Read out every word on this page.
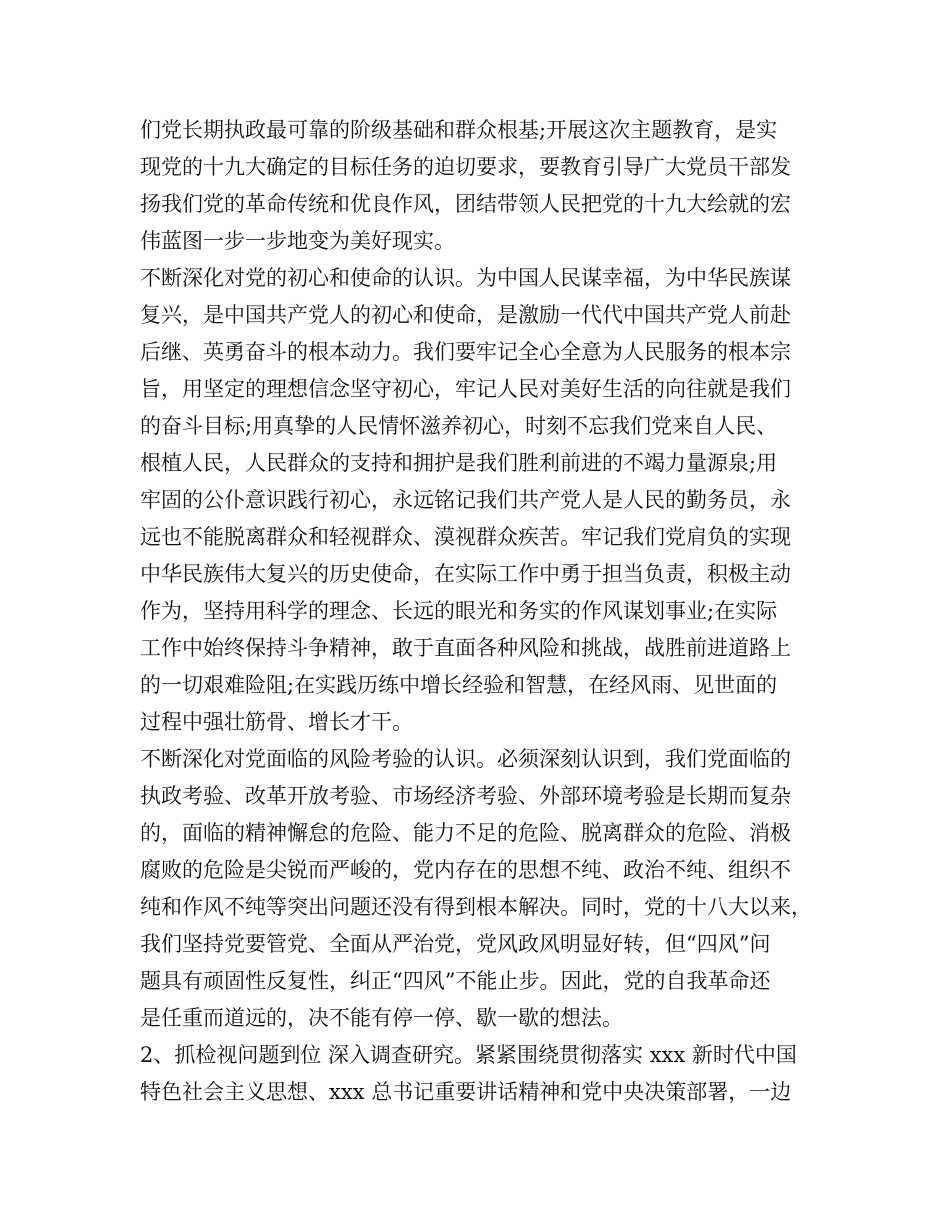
们党长期执政最可靠的阶级基础和群众根基;开展这次主题教育，是实
现党的十九大确定的目标任务的迫切要求，要教育引导广大党员干部发
扬我们党的革命传统和优良作风，团结带领人民把党的十九大绘就的宏
伟蓝图一步一步地变为美好现实。
不断深化对党的初心和使命的认识。为中国人民谋幸福，为中华民族谋
复兴，是中国共产党人的初心和使命，是激励一代代中国共产党人前赴
后继、英勇奋斗的根本动力。我们要牢记全心全意为人民服务的根本宗
旨，用坚定的理想信念坚守初心，牢记人民对美好生活的向往就是我们
的奋斗目标;用真挚的人民情怀滋养初心，时刻不忘我们党来自人民、
根植人民，人民群众的支持和拥护是我们胜利前进的不竭力量源泉;用
牢固的公仆意识践行初心，永远铭记我们共产党人是人民的勤务员，永
远也不能脱离群众和轻视群众、漠视群众疾苦。牢记我们党肩负的实现
中华民族伟大复兴的历史使命，在实际工作中勇于担当负责，积极主动
作为，坚持用科学的理念、长远的眼光和务实的作风谋划事业;在实际
工作中始终保持斗争精神，敢于直面各种风险和挑战，战胜前进道路上
的一切艰难险阻;在实践历练中增长经验和智慧，在经风雨、见世面的
过程中强壮筋骨、增长才干。
不断深化对党面临的风险考验的认识。必须深刻认识到，我们党面临的
执政考验、改革开放考验、市场经济考验、外部环境考验是长期而复杂
的，面临的精神懈怠的危险、能力不足的危险、脱离群众的危险、消极
腐败的危险是尖锐而严峻的，党内存在的思想不纯、政治不纯、组织不
纯和作风不纯等突出问题还没有得到根本解决。同时，党的十八大以来，
我们坚持党要管党、全面从严治党，党风政风明显好转，但“四风”问
题具有顽固性反复性，纠正“四风”不能止步。因此，党的自我革命还
是任重而道远的，决不能有停一停、歇一歇的想法。
2、抓检视问题到位 深入调查研究。紧紧围绕贯彻落实 xxx 新时代中国
特色社会主义思想、xxx 总书记重要讲话精神和党中央决策部署，一边
